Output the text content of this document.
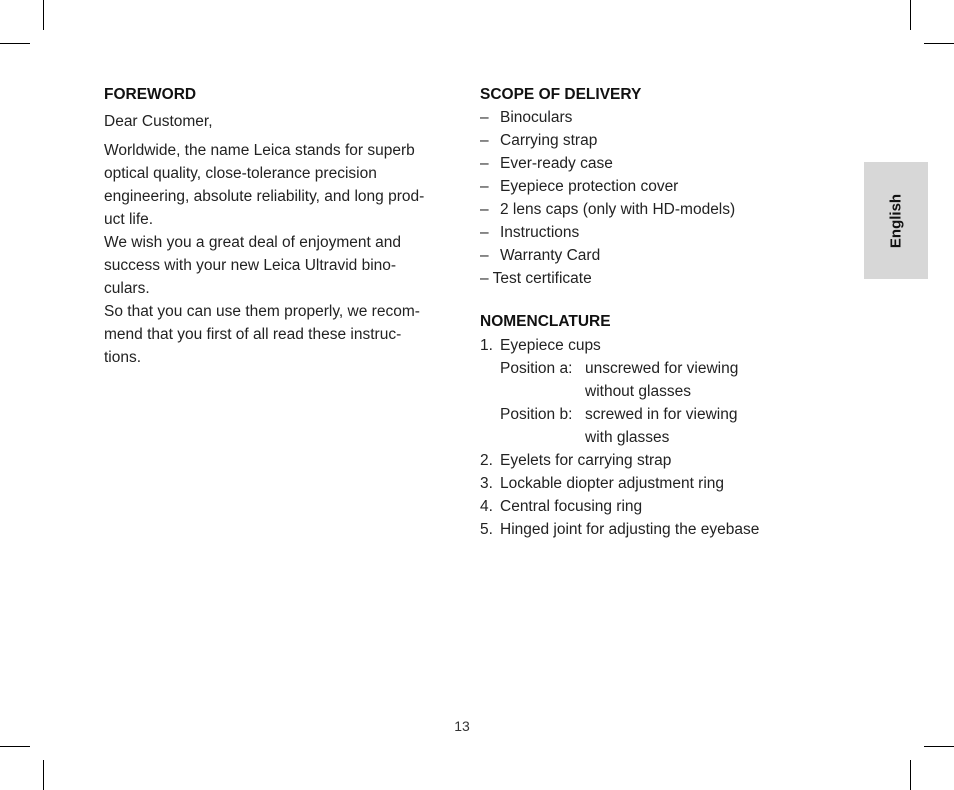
FOREWORD

Dear Customer,

Worldwide, the name Leica stands for superb

optical quality, close-tolerance precision

engineering, absolute reliability, and long prod-

uct life.

We wish you a great deal of enjoyment and

success with your new Leica Ultravid bino-

culars.

So that you can use them properly, we recom-

mend that you first of all read these instruc-

tions.

SCOPE OF DELIVERY
– Binoculars
– Carrying strap
– Ever-ready case
– Eyepiece protection cover
– 2 lens caps (only with HD-models)
– Instructions
– Warranty Card
– Test certificate
NOMENCLATURE
1. Eyepiece cups
Position a: unscrewed for viewing
without glasses
Position b: screwed in for viewing
with glasses
2. Eyelets for carrying strap
3. Lockable diopter adjustment ring
4. Central focusing ring
5. Hinged joint for adjusting the eyebase
English
13
